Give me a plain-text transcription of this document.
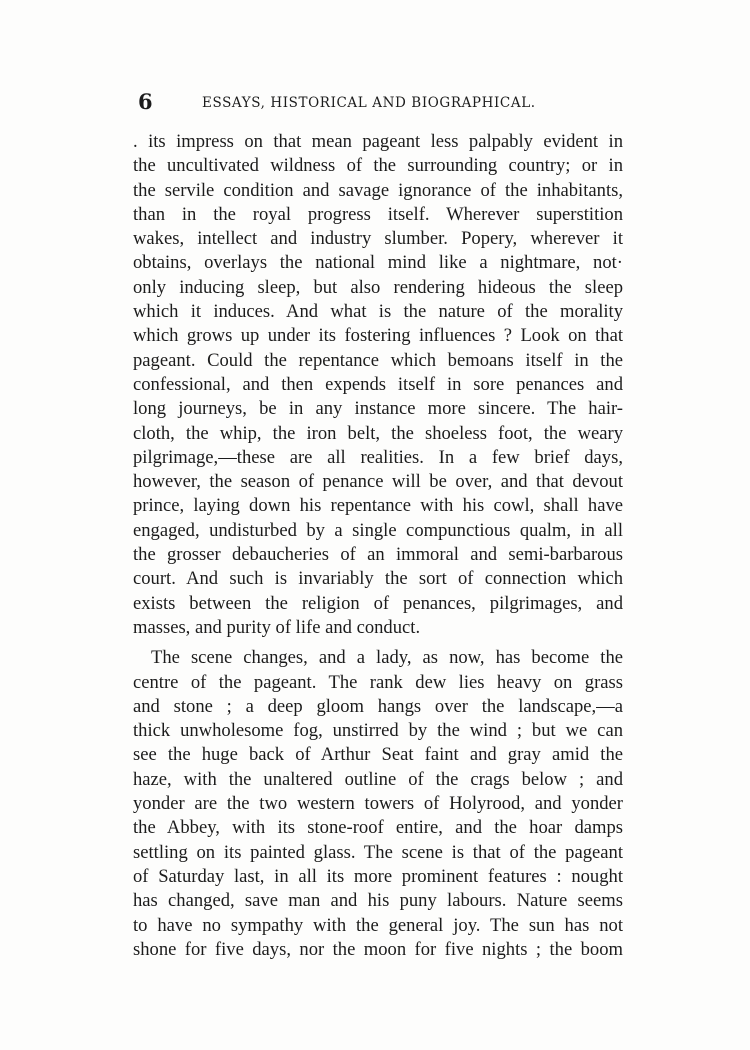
6	ESSAYS, HISTORICAL AND BIOGRAPHICAL.
. its impress on that mean pageant less palpably evident in
the uncultivated wildness of the surrounding country; or in
the servile condition and savage ignorance of the inhabitants,
than in the royal progress itself. Wherever superstition
wakes, intellect and industry slumber. Popery, wherever it
obtains, overlays the national mind like a nightmare, not·
only inducing sleep, but also rendering hideous the sleep
which it induces. And what is the nature of the morality
which grows up under its fostering influences ? Look on that
pageant. Could the repentance which bemoans itself in the
confessional, and then expends itself in sore penances and
long journeys, be in any instance more sincere. The hair-
cloth, the whip, the iron belt, the shoeless foot, the weary
pilgrimage,—these are all realities. In a few brief days,
however, the season of penance will be over, and that devout
prince, laying down his repentance with his cowl, shall have
engaged, undisturbed by a single compunctious qualm, in all
the grosser debaucheries of an immoral and semi-barbarous
court. And such is invariably the sort of connection which
exists between the religion of penances, pilgrimages, and
masses, and purity of life and conduct.
The scene changes, and a lady, as now, has become the
centre of the pageant. The rank dew lies heavy on grass
and stone ; a deep gloom hangs over the landscape,—a
thick unwholesome fog, unstirred by the wind ; but we can
see the huge back of Arthur Seat faint and gray amid the
haze, with the unaltered outline of the crags below ; and
yonder are the two western towers of Holyrood, and yonder
the Abbey, with its stone-roof entire, and the hoar damps
settling on its painted glass. The scene is that of the pageant
of Saturday last, in all its more prominent features : nought
has changed, save man and his puny labours. Nature seems
to have no sympathy with the general joy. The sun has not
shone for five days, nor the moon for five nights ; the boom
